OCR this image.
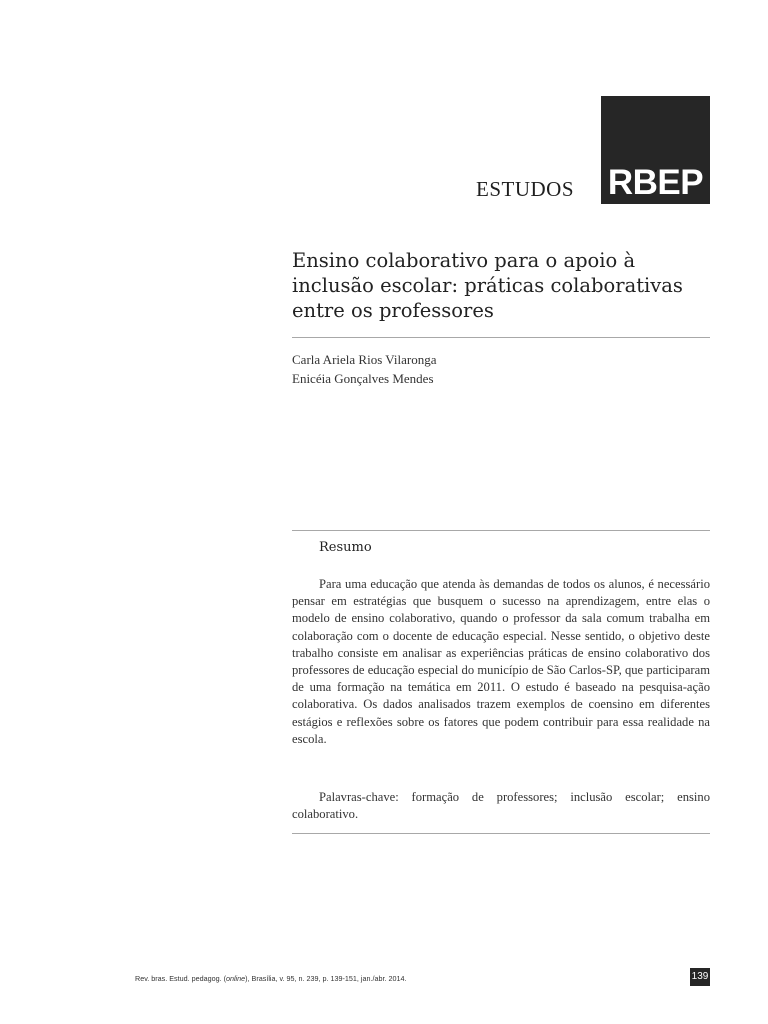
ESTUDOS RBEP
Ensino colaborativo para o apoio à inclusão escolar: práticas colaborativas entre os professores
Carla Ariela Rios Vilaronga
Enicéia Gonçalves Mendes
Resumo

Para uma educação que atenda às demandas de todos os alunos, é necessário pensar em estratégias que busquem o sucesso na aprendizagem, entre elas o modelo de ensino colaborativo, quando o professor da sala comum trabalha em colaboração com o docente de educação especial. Nesse sentido, o objetivo deste trabalho consiste em analisar as experiências práticas de ensino colaborativo dos professores de educação especial do município de São Carlos-SP, que participaram de uma formação na temática em 2011. O estudo é baseado na pesquisa-ação colaborativa. Os dados analisados trazem exemplos de coensino em diferentes estágios e reflexões sobre os fatores que podem contribuir para essa realidade na escola.

Palavras-chave: formação de professores; inclusão escolar; ensino colaborativo.

Rev. bras. Estud. pedagog. (online), Brasília, v. 95, n. 239, p. 139-151, jan./abr. 2014.	139
